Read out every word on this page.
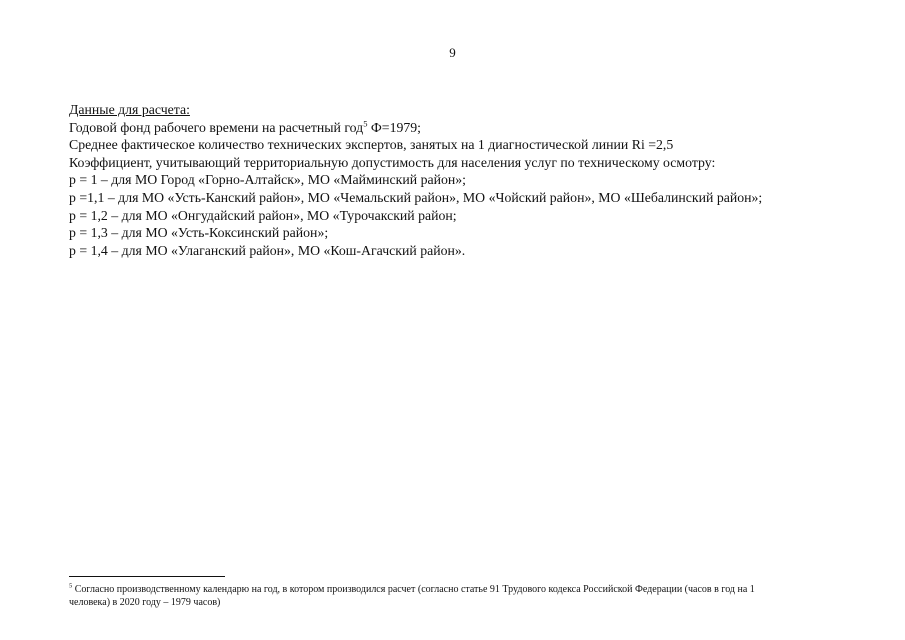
9
Данные для расчета:
Годовой фонд рабочего времени на расчетный год$^5$ Ф=1979;
Среднее фактическое количество технических экспертов, занятых на 1 диагностической линии Ri =2,5
Коэффициент, учитывающий территориальную допустимость для населения услуг по техническому осмотру:
р = 1 – для МО Город «Горно-Алтайск», МО «Майминский район»;
р =1,1 – для МО «Усть-Канский район», МО «Чемальский район», МО «Чойский район», МО «Шебалинский район»;
р = 1,2 – для МО «Онгудайский район», МО «Турочакский район;
р = 1,3 – для МО «Усть-Коксинский район»;
р = 1,4 – для МО «Улаганский район», МО «Кош-Агачский район».
$^5$ Согласно производственному календарю на год, в котором производился расчет (согласно статье 91 Трудового кодекса Российской Федерации (часов в год на 1
человека) в 2020 году – 1979 часов)
